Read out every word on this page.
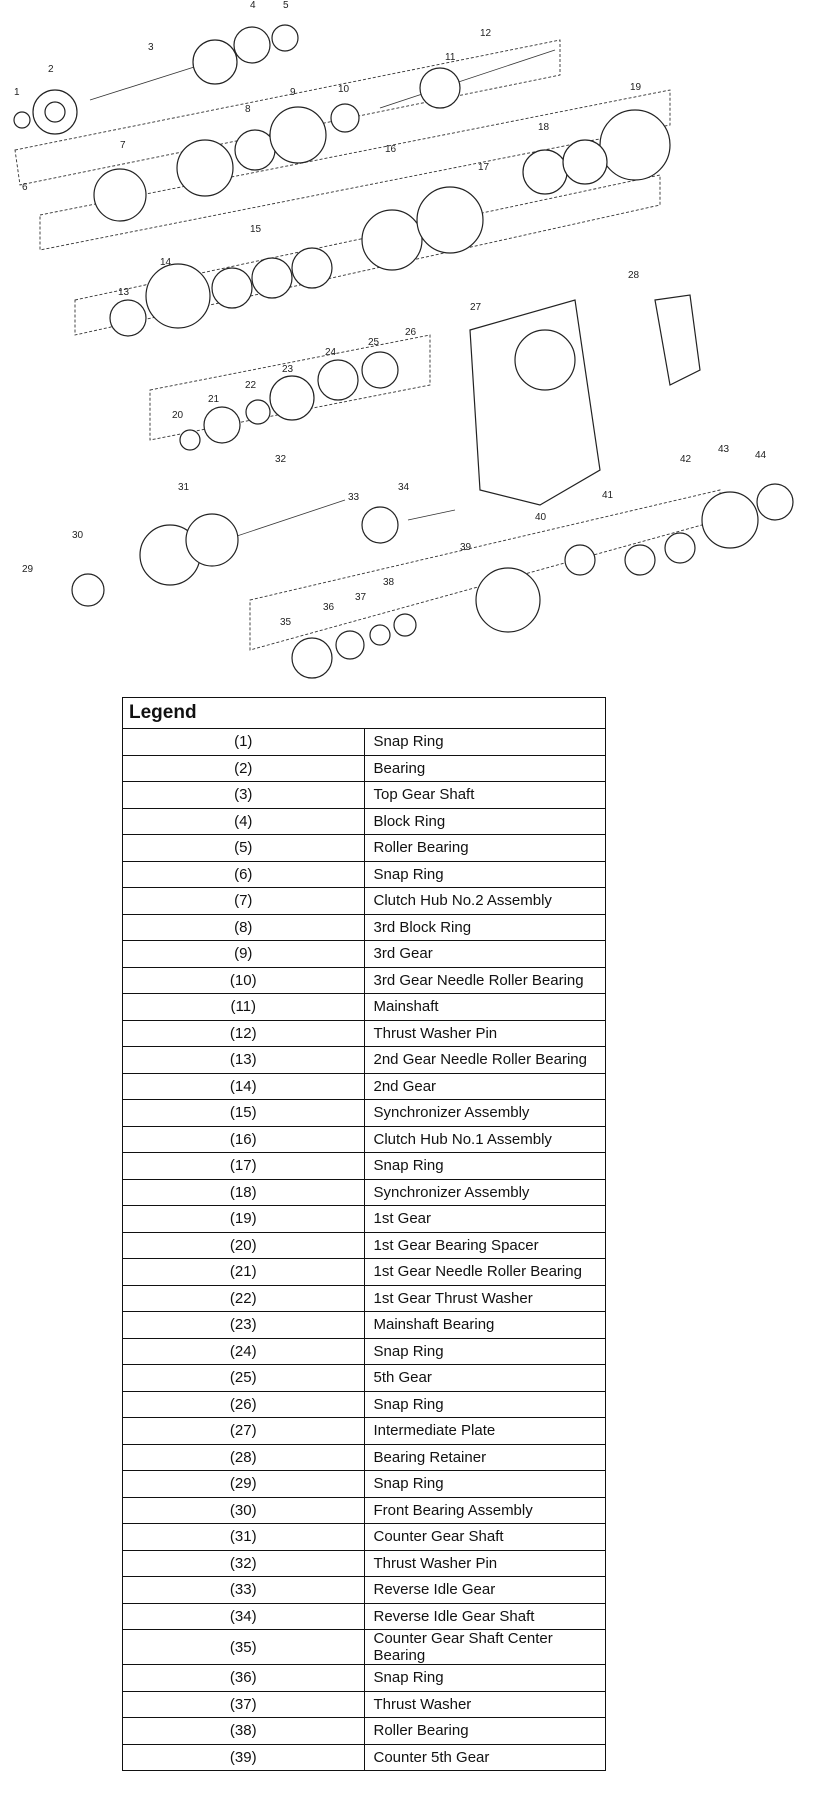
1
2
3
4	5
6
7
8
9	10
11
12
13
14
15
16
17
18
19
20
21
22
23
24
25
26
27
28
29
30
31
32
33
34
35
36
37
38
39
40
41
42
43
44
Legend	
(1)	Snap Ring
(2)	Bearing
(3)	Top Gear Shaft
(4)	Block Ring
(5)	Roller Bearing
(6)	Snap Ring
(7)	Clutch Hub No.2 Assembly
(8)	3rd Block Ring
(9)	3rd Gear
(10)	3rd Gear Needle Roller Bearing
(11)	Mainshaft
(12)	Thrust Washer Pin
(13)	2nd Gear Needle Roller Bearing
(14)	2nd Gear
(15)	Synchronizer Assembly
(16)	Clutch Hub No.1 Assembly
(17)	Snap Ring
(18)	Synchronizer Assembly
(19)	1st Gear
(20)	1st Gear Bearing Spacer
(21)	1st Gear Needle Roller Bearing
(22)	1st Gear Thrust Washer
(23)	Mainshaft Bearing
(24)	Snap Ring
(25)	5th Gear
(26)	Snap Ring
(27)	Intermediate Plate
(28)	Bearing Retainer
(29)	Snap Ring
(30)	Front Bearing Assembly
(31)	Counter Gear Shaft
(32)	Thrust Washer Pin
(33)	Reverse Idle Gear
(34)	Reverse Idle Gear Shaft
(35)	Counter Gear Shaft Center Bearing
(36)	Snap Ring
(37)	Thrust Washer
(38)	Roller Bearing
(39)	Counter 5th Gear
